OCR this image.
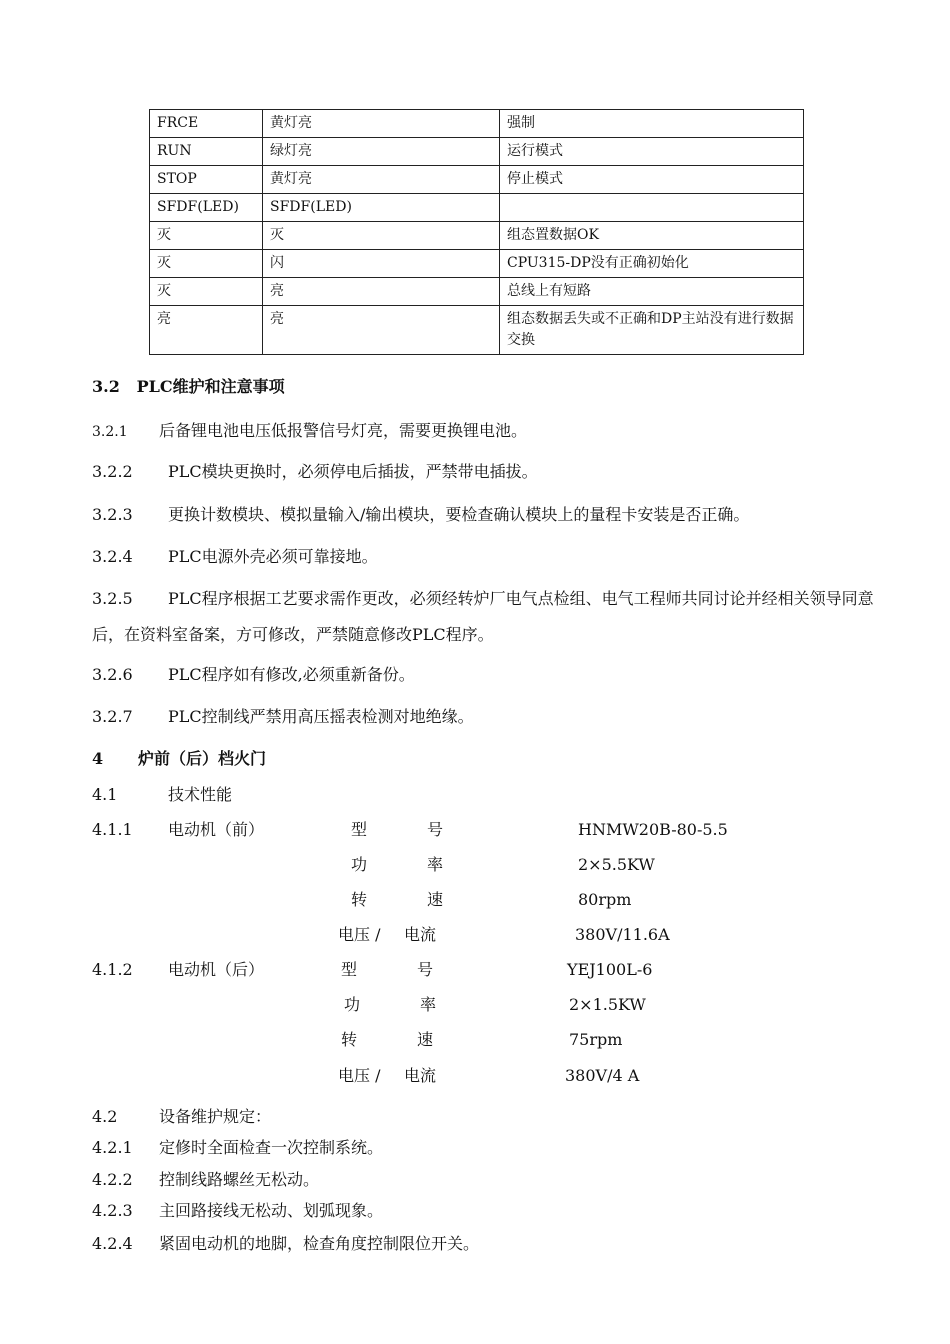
FRCE	黄灯亮	强制
RUN	绿灯亮	运行模式
STOP	黄灯亮	停止模式
SFDF(LED)	SFDF(LED)	
灭	灭	组态置数据OK
灭	闪	CPU315-DP没有正确初始化
灭	亮	总线上有短路
亮	亮	组态数据丢失或不正确和DP主站没有进行数据交换
3.2 PLC维护和注意事项
3.2.1 后备锂电池电压低报警信号灯亮，需要更换锂电池。
3.2.2 PLC模块更换时，必须停电后插拔，严禁带电插拔。
3.2.3 更换计数模块、模拟量输入/输出模块，要检查确认模块上的量程卡安装是否正确。
3.2.4 PLC电源外壳必须可靠接地。
3.2.5 PLC程序根据工艺要求需作更改，必须经转炉厂电气点检组、电气工程师共同讨论并经相关领导同意后，在资料室备案，方可修改，严禁随意修改PLC程序。
3.2.6 PLC程序如有修改,必须重新备份。
3.2.7 PLC控制线严禁用高压摇表检测对地绝缘。
4 炉前（后）档火门
4.1	技术性能
4.1.1 电动机（前）	型	号	HNMW20B-80-5.5
功	率	2×5.5KW
转	速	80rpm
电压 / 电流	380V/11.6A
4.1.2 电动机（后）	型	号	YEJ100L-6
功	率	2×1.5KW
转	速	75rpm
电压 / 电流	380V/4 A
4.2	设备维护规定：
4.2.1 定修时全面检查一次控制系统。
4.2.2 控制线路螺丝无松动。
4.2.3 主回路接线无松动、划弧现象。
4.2.4 紧固电动机的地脚，检查角度控制限位开关。
